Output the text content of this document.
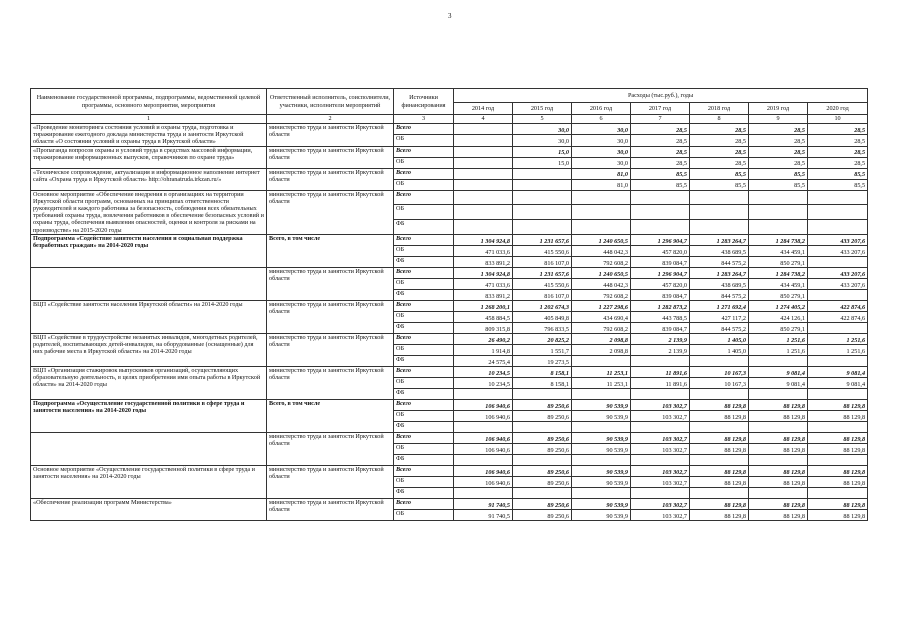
3
Наименование государственной программы, подпрограммы, ведомственной целевой программы, основного мероприятия, мероприятия	Ответственный исполнитель, соисполнители, участники, исполнители мероприятий	Источники финансирования	Расходы (тыс.руб.), годы						
			2014 год	2015 год	2016 год	2017 год	2018 год	2019 год	2020 год
1	2	3	4	5	6	7	8	9	10
«Проведение мониторинга состояния условий и охраны труда, подготовка и тиражирование ежегодного доклада министерства труда и занятости Иркутской области «О состоянии условий и охраны труда в Иркутской области»	министерство труда и занятости Иркутской области	Всего		30,0	30,0	28,5	28,5	28,5	28,5
		ОБ		30,0	30,0	28,5	28,5	28,5	28,5
«Пропаганда вопросов охраны и условий труда в средствах массовой информации, тиражирование информационных выпусков, справочников по охране труда»	министерство труда и занятости Иркутской области	Всего		15,0	30,0	28,5	28,5	28,5	28,5
		ОБ		15,0	30,0	28,5	28,5	28,5	28,5
«Техническое сопровождение, актуализация и информационное наполнение интернет сайта «Охрана труда в Иркутской области» http://ohranatruda.irkzan.ru/»	министерство труда и занятости Иркутской области	Всего			81,0	85,5	85,5	85,5	85,5
		ОБ			81,0	85,5	85,5	85,5	85,5
Основное мероприятие «Обеспечение внедрения в организациях на территории Иркутской области программ, основанных на принципах ответственности руководителей и каждого работника за безопасность, соблюдения всех обязательных требований охраны труда, вовлечения работников в обеспечение безопасных условий и охраны труда, обеспечения выявления опасностей, оценки и контроля за рисками на производстве» на 2015-2020 годы	министерство труда и занятости Иркутской области	Всего							
		ОБ							
		ФБ							
Подпрограмма «Содействие занятости населения и социальная поддержка безработных граждан» на 2014-2020 годы	Всего, в том числе	Всего	1 304 924,8	1 231 657,6	1 240 650,5	1 296 904,7	1 283 264,7	1 284 738,2	433 207,6
		ОБ	471 033,6	415 550,6	448 042,3	457 820,0	438 689,5	434 459,1	433 207,6
		ФБ	833 891,2	816 107,0	792 608,2	839 084,7	844 575,2	850 279,1	
	министерство труда и занятости Иркутской области	Всего	1 304 924,8	1 231 657,6	1 240 650,5	1 296 904,7	1 283 264,7	1 284 738,2	433 207,6
		ОБ	471 033,6	415 550,6	448 042,3	457 820,0	438 689,5	434 459,1	433 207,6
		ФБ	833 891,2	816 107,0	792 608,2	839 084,7	844 575,2	850 279,1	
ВЦП «Содействие занятости населения Иркутской области» на 2014-2020 годы	министерство труда и занятости Иркутской области	Всего	1 268 200,1	1 202 674,3	1 227 298,6	1 282 873,2	1 271 692,4	1 274 405,2	422 874,6
		ОБ	458 884,5	405 849,8	434 690,4	443 788,5	427 117,2	424 126,1	422 874,6
		ФБ	809 315,8	796 833,5	792 608,2	839 084,7	844 575,2	850 279,1	
ВЦП «Содействие в трудоустройстве незанятых инвалидов, многодетных родителей, родителей, воспитывающих детей-инвалидов, на оборудованные (оснащенные) для них рабочие места в Иркутской области» на 2014-2020 годы	министерство труда и занятости Иркутской области	Всего	26 490,2	20 825,2	2 098,8	2 139,9	1 405,0	1 251,6	1 251,6
		ОБ	1 914,8	1 551,7	2 098,8	2 139,9	1 405,0	1 251,6	1 251,6
		ФБ	24 575,4	19 273,5					
ВЦП «Организация стажировок выпускников организаций, осуществляющих образовательную деятельность, в целях приобретения ими опыта работы в Иркутской области» на 2014-2020 годы	министерство труда и занятости Иркутской области	Всего	10 234,5	8 158,1	11 253,1	11 891,6	10 167,3	9 081,4	9 081,4
		ОБ	10 234,5	8 158,1	11 253,1	11 891,6	10 167,3	9 081,4	9 081,4
		ФБ							
Подпрограмма «Осуществление государственной политики в сфере труда и занятости населения» на 2014-2020 годы	Всего, в том числе	Всего	106 940,6	89 250,6	90 539,9	103 302,7	88 129,8	88 129,8	88 129,8
		ОБ	106 940,6	89 250,6	90 539,9	103 302,7	88 129,8	88 129,8	88 129,8
		ФБ							
	министерство труда и занятости Иркутской области	Всего	106 940,6	89 250,6	90 539,9	103 302,7	88 129,8	88 129,8	88 129,8
		ОБ	106 940,6	89 250,6	90 539,9	103 302,7	88 129,8	88 129,8	88 129,8
		ФБ							
Основное мероприятие «Осуществление государственной политики в сфере труда и занятости населения» на 2014-2020 годы	министерство труда и занятости Иркутской области	Всего	106 940,6	89 250,6	90 539,9	103 302,7	88 129,8	88 129,8	88 129,8
		ОБ	106 940,6	89 250,6	90 539,9	103 302,7	88 129,8	88 129,8	88 129,8
		ФБ							
«Обеспечение реализации программ Министерства»	министерство труда и занятости Иркутской области	Всего	91 740,5	89 250,6	90 539,9	103 302,7	88 129,8	88 129,8	88 129,8
		ОБ	91 740,5	89 250,6	90 539,9	103 302,7	88 129,8	88 129,8	88 129,8
